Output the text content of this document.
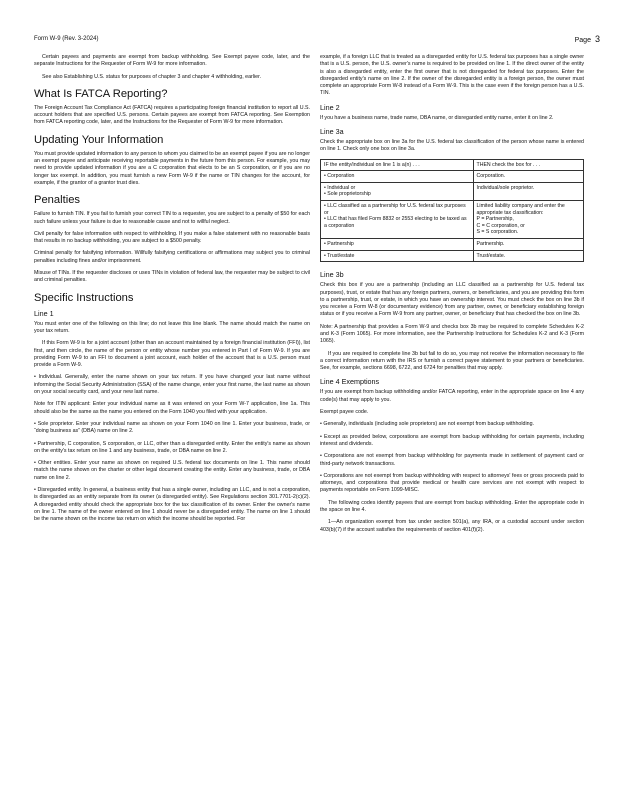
Form W-9 (Rev. 3-2024)	Page 3

Certain payees and payments are exempt from backup withholding. See Exempt payee code, later, and the separate Instructions for the Requester of Form W-9 for more information.

See also Establishing U.S. status for purposes of chapter 3 and chapter 4 withholding, earlier.

What Is FATCA Reporting?

The Foreign Account Tax Compliance Act (FATCA) requires a participating foreign financial institution to report all U.S. account holders that are specified U.S. persons. Certain payees are exempt from FATCA reporting. See Exemption from FATCA reporting code, later, and the Instructions for the Requester of Form W-9 for more information.

Updating Your Information

You must provide updated information to any person to whom you claimed to be an exempt payee if you are no longer an exempt payee and anticipate receiving reportable payments in the future from this person. For example, you may need to provide updated information if you are a C corporation that elects to be an S corporation, or if you are no longer tax exempt. In addition, you must furnish a new Form W-9 if the name or TIN changes for the account, for example, if the grantor of a grantor trust dies.

Penalties

Failure to furnish TIN. If you fail to furnish your correct TIN to a requester, you are subject to a penalty of $50 for each such failure unless your failure is due to reasonable cause and not to willful neglect.

Civil penalty for false information with respect to withholding. If you make a false statement with no reasonable basis that results in no backup withholding, you are subject to a $500 penalty.

Criminal penalty for falsifying information. Willfully falsifying certifications or affirmations may subject you to criminal penalties including fines and/or imprisonment.

Misuse of TINs. If the requester discloses or uses TINs in violation of federal law, the requester may be subject to civil and criminal penalties.

Specific Instructions
Line 1

You must enter one of the following on this line; do not leave this line blank. The name should match the name on your tax return.

If this Form W-9 is for a joint account (other than an account maintained by a foreign financial institution (FFI)), list first, and then circle, the name of the person or entity whose number you entered in Part I of Form W-9. If you are providing Form W-9 to an FFI to document a joint account, each holder of the account that is a U.S. person must provide a Form W-9.

• Individual. Generally, enter the name shown on your tax return. If you have changed your last name without informing the Social Security Administration (SSA) of the name change, enter your first name, the last name as shown on your social security card, and your new last name.

Note for ITIN applicant: Enter your individual name as it was entered on your Form W-7 application, line 1a. This should also be the same as the name you entered on the Form 1040 you filed with your application.

• Sole proprietor. Enter your individual name as shown on your Form 1040 on line 1. Enter your business, trade, or “doing business as” (DBA) name on line 2.

• Partnership, C corporation, S corporation, or LLC, other than a disregarded entity. Enter the entity's name as shown on the entity's tax return on line 1 and any business, trade, or DBA name on line 2.

• Other entities. Enter your name as shown on required U.S. federal tax documents on line 1. This name should match the name shown on the charter or other legal document creating the entity. Enter any business, trade, or DBA name on line 2.

• Disregarded entity. In general, a business entity that has a single owner, including an LLC, and is not a corporation, is disregarded as an entity separate from its owner (a disregarded entity). See Regulations section 301.7701-2(c)(2). A disregarded entity should check the appropriate box for the tax classification of its owner. Enter the owner's name on line 1. The name of the owner entered on line 1 should never be a disregarded entity. The name on line 1 should be the name shown on the income tax return on which the income should be reported. For

example, if a foreign LLC that is treated as a disregarded entity for U.S. federal tax purposes has a single owner that is a U.S. person, the U.S. owner's name is required to be provided on line 1. If the direct owner of the entity is also a disregarded entity, enter the first owner that is not disregarded for federal tax purposes. Enter the disregarded entity's name on line 2. If the owner of the disregarded entity is a foreign person, the owner must complete an appropriate Form W-8 instead of a Form W-9. This is the case even if the foreign person has a U.S. TIN.

Line 2

If you have a business name, trade name, DBA name, or disregarded entity name, enter it on line 2.

Line 3a

Check the appropriate box on line 3a for the U.S. federal tax classification of the person whose name is entered on line 1. Check only one box on line 3a.

IF the entity/individual on line 1 is a(n) . . .	THEN check the box for . . .
• Corporation	Corporation.
• Individual or
• Sole proprietorship	Individual/sole proprietor.
• LLC classified as a partnership for U.S. federal tax purposes or
• LLC that has filed Form 8832 or 2553 electing to be taxed as a corporation	Limited liability company and enter the appropriate tax classification:
P = Partnership,
C = C corporation, or
S = S corporation.
• Partnership	Partnership.
• Trust/estate	Trust/estate.
Line 3b

Check this box if you are a partnership (including an LLC classified as a partnership for U.S. federal tax purposes), trust, or estate that has any foreign partners, owners, or beneficiaries, and you are providing this form to a partnership, trust, or estate, in which you have an ownership interest. You must check the box on line 3b if you receive a Form W-8 (or documentary evidence) from any partner, owner, or beneficiary establishing foreign status or if you receive a Form W-9 from any partner, owner, or beneficiary that has checked the box on line 3b.

Note: A partnership that provides a Form W-9 and checks box 3b may be required to complete Schedules K-2 and K-3 (Form 1065). For more information, see the Partnership Instructions for Schedules K-2 and K-3 (Form 1065).

If you are required to complete line 3b but fail to do so, you may not receive the information necessary to file a correct information return with the IRS or furnish a correct payee statement to your partners or beneficiaries. See, for example, sections 6698, 6722, and 6724 for penalties that may apply.

Line 4 Exemptions

If you are exempt from backup withholding and/or FATCA reporting, enter in the appropriate space on line 4 any code(s) that may apply to you.

Exempt payee code.

• Generally, individuals (including sole proprietors) are not exempt from backup withholding.

• Except as provided below, corporations are exempt from backup withholding for certain payments, including interest and dividends.

• Corporations are not exempt from backup withholding for payments made in settlement of payment card or third-party network transactions.

• Corporations are not exempt from backup withholding with respect to attorneys' fees or gross proceeds paid to attorneys, and corporations that provide medical or health care services are not exempt with respect to payments reportable on Form 1099-MISC.

The following codes identify payees that are exempt from backup withholding. Enter the appropriate code in the space on line 4.

1—An organization exempt from tax under section 501(a), any IRA, or a custodial account under section 403(b)(7) if the account satisfies the requirements of section 401(f)(2).
